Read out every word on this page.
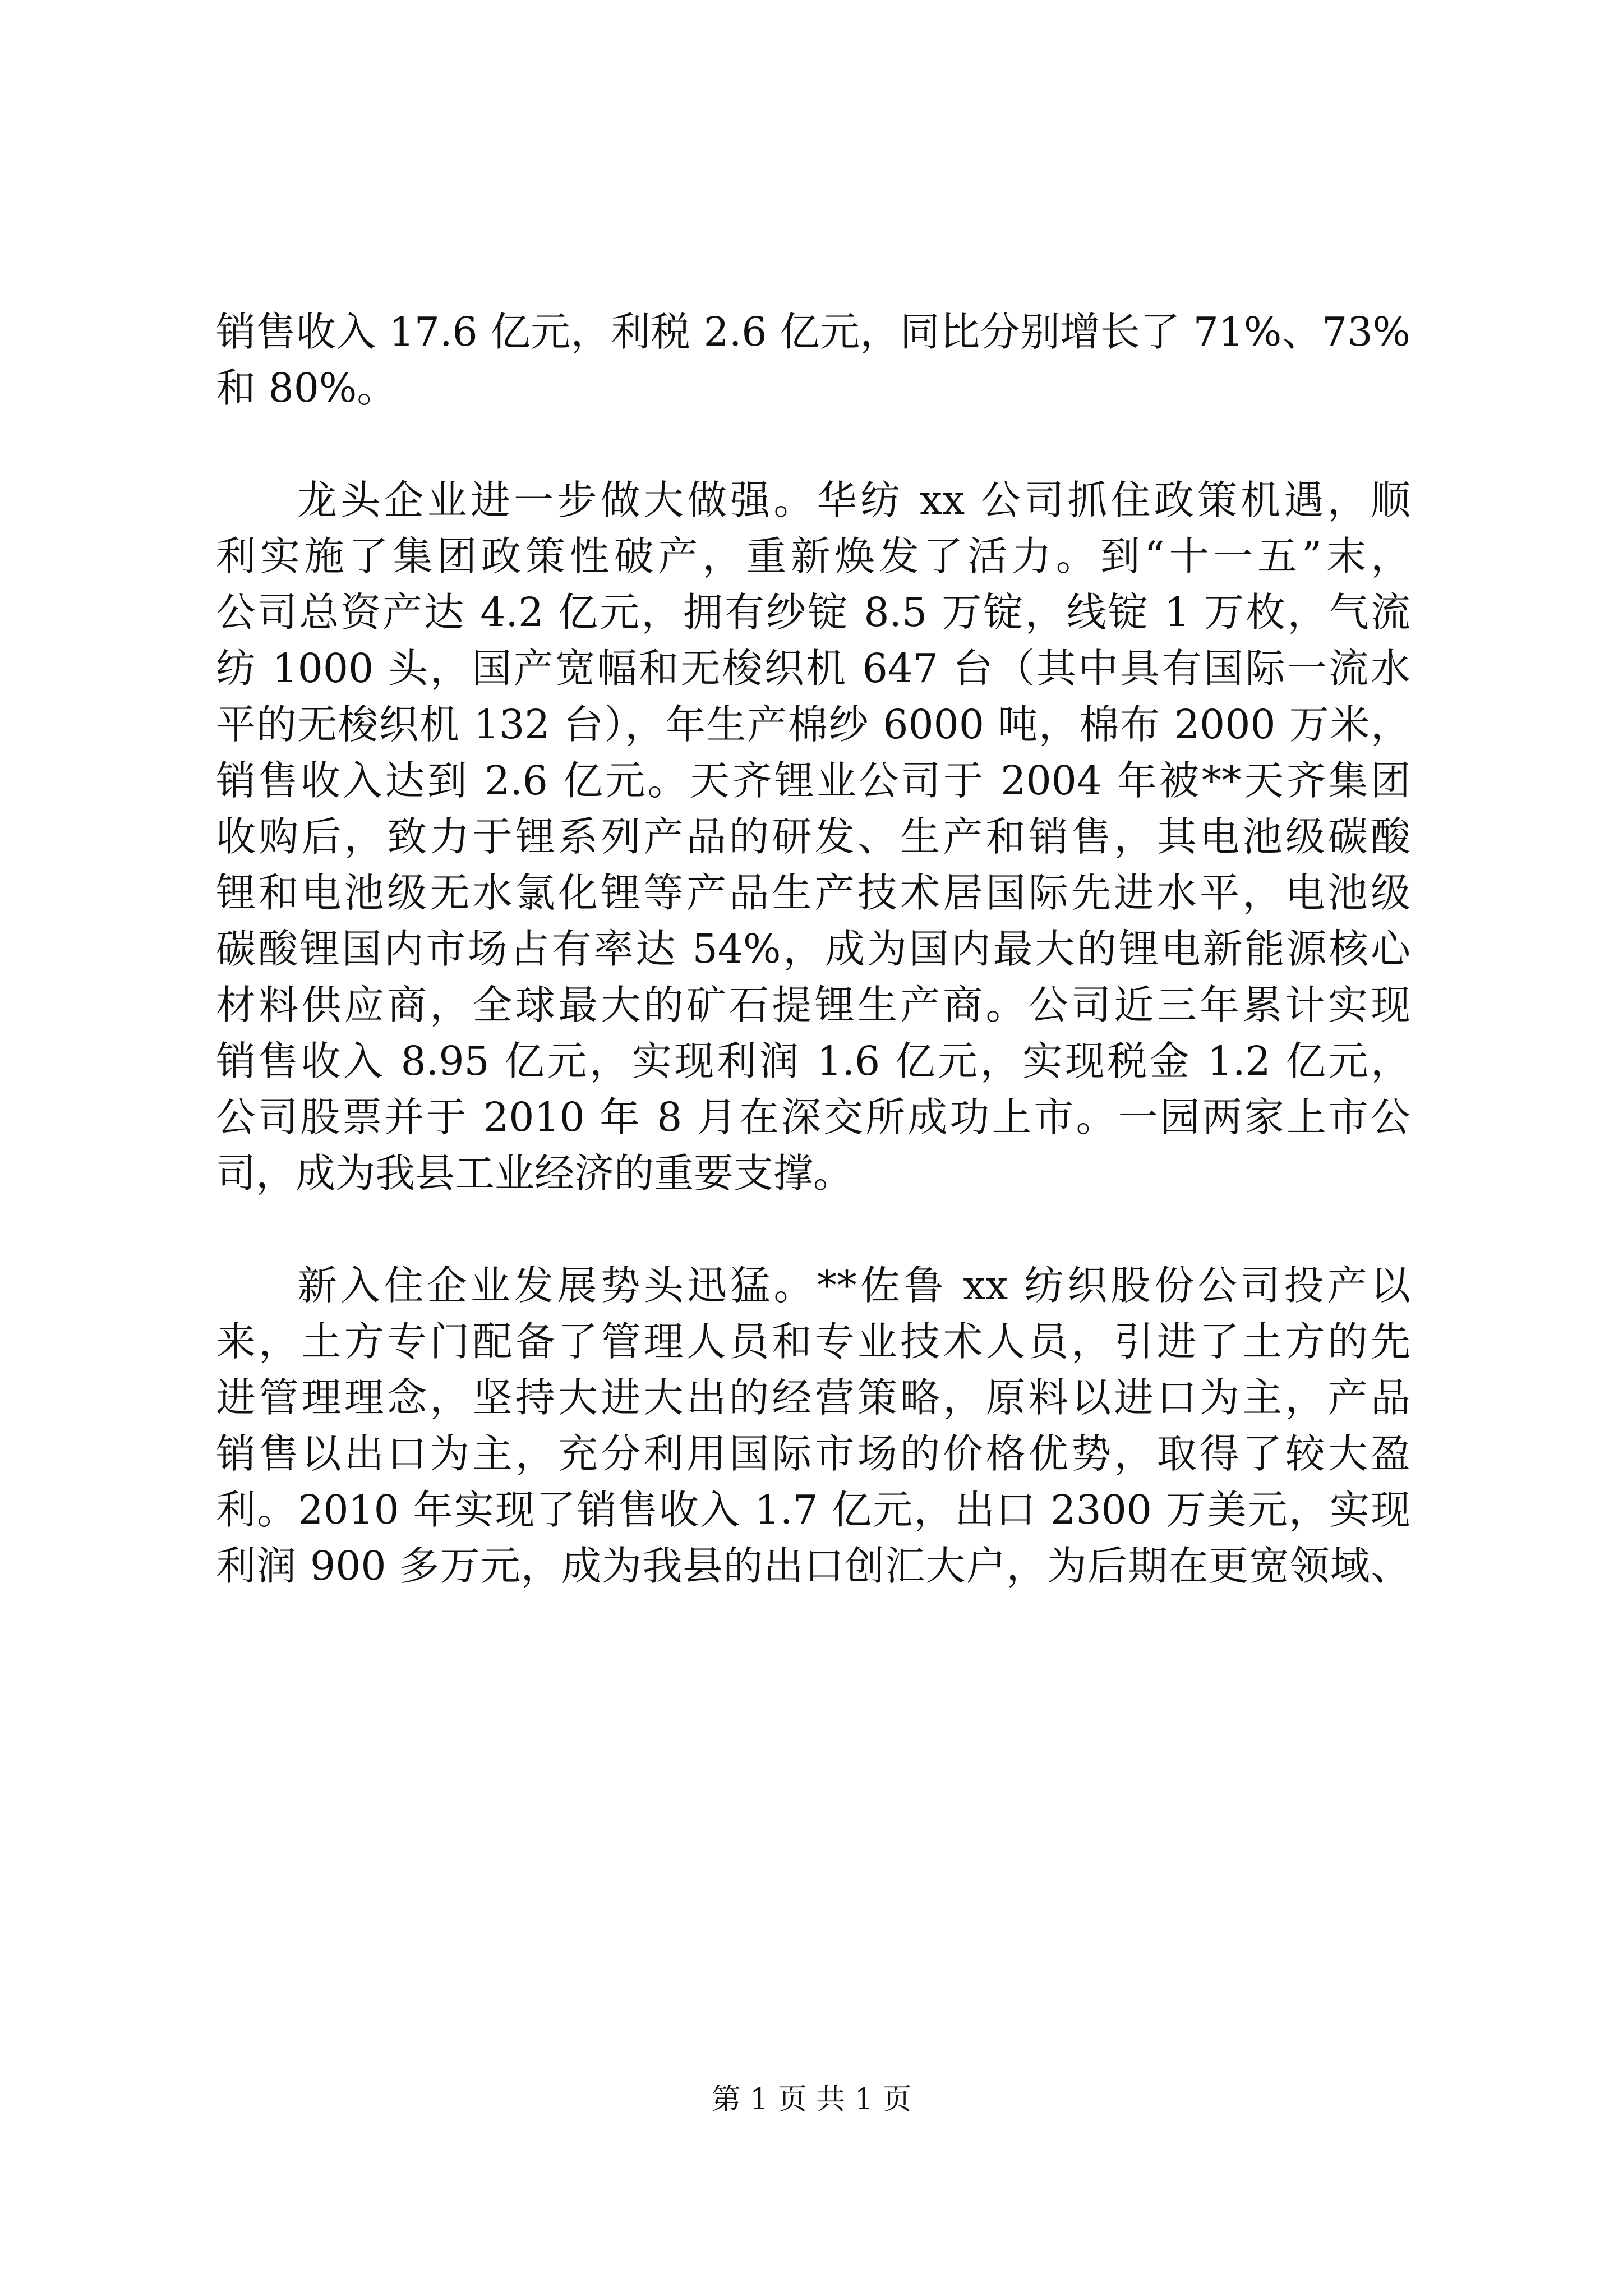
销售收入 17.6 亿元，利税 2.6 亿元，同比分别增长了 71%、73%
和 80%。
龙头企业进一步做大做强。华纺 xx 公司抓住政策机遇，顺
利实施了集团政策性破产，重新焕发了活力。到“十一五”末，
公司总资产达 4.2 亿元，拥有纱锭 8.5 万锭，线锭 1 万枚，气流
纺 1000 头，国产宽幅和无梭织机 647 台（其中具有国际一流水
平的无梭织机 132 台），年生产棉纱 6000 吨，棉布 2000 万米，
销售收入达到 2.6 亿元。天齐锂业公司于 2004 年被**天齐集团
收购后，致力于锂系列产品的研发、生产和销售，其电池级碳酸
锂和电池级无水氯化锂等产品生产技术居国际先进水平，电池级
碳酸锂国内市场占有率达 54%，成为国内最大的锂电新能源核心
材料供应商，全球最大的矿石提锂生产商。公司近三年累计实现
销售收入 8.95 亿元，实现利润 1.6 亿元，实现税金 1.2 亿元，
公司股票并于 2010 年 8 月在深交所成功上市。一园两家上市公
司，成为我县工业经济的重要支撑。
新入住企业发展势头迅猛。**佐鲁 xx 纺织股份公司投产以
来，土方专门配备了管理人员和专业技术人员，引进了土方的先
进管理理念，坚持大进大出的经营策略，原料以进口为主，产品
销售以出口为主，充分利用国际市场的价格优势，取得了较大盈
利。2010 年实现了销售收入 1.7 亿元，出口 2300 万美元，实现
利润 900 多万元，成为我县的出口创汇大户，为后期在更宽领域、
第 1 页 共 1 页
